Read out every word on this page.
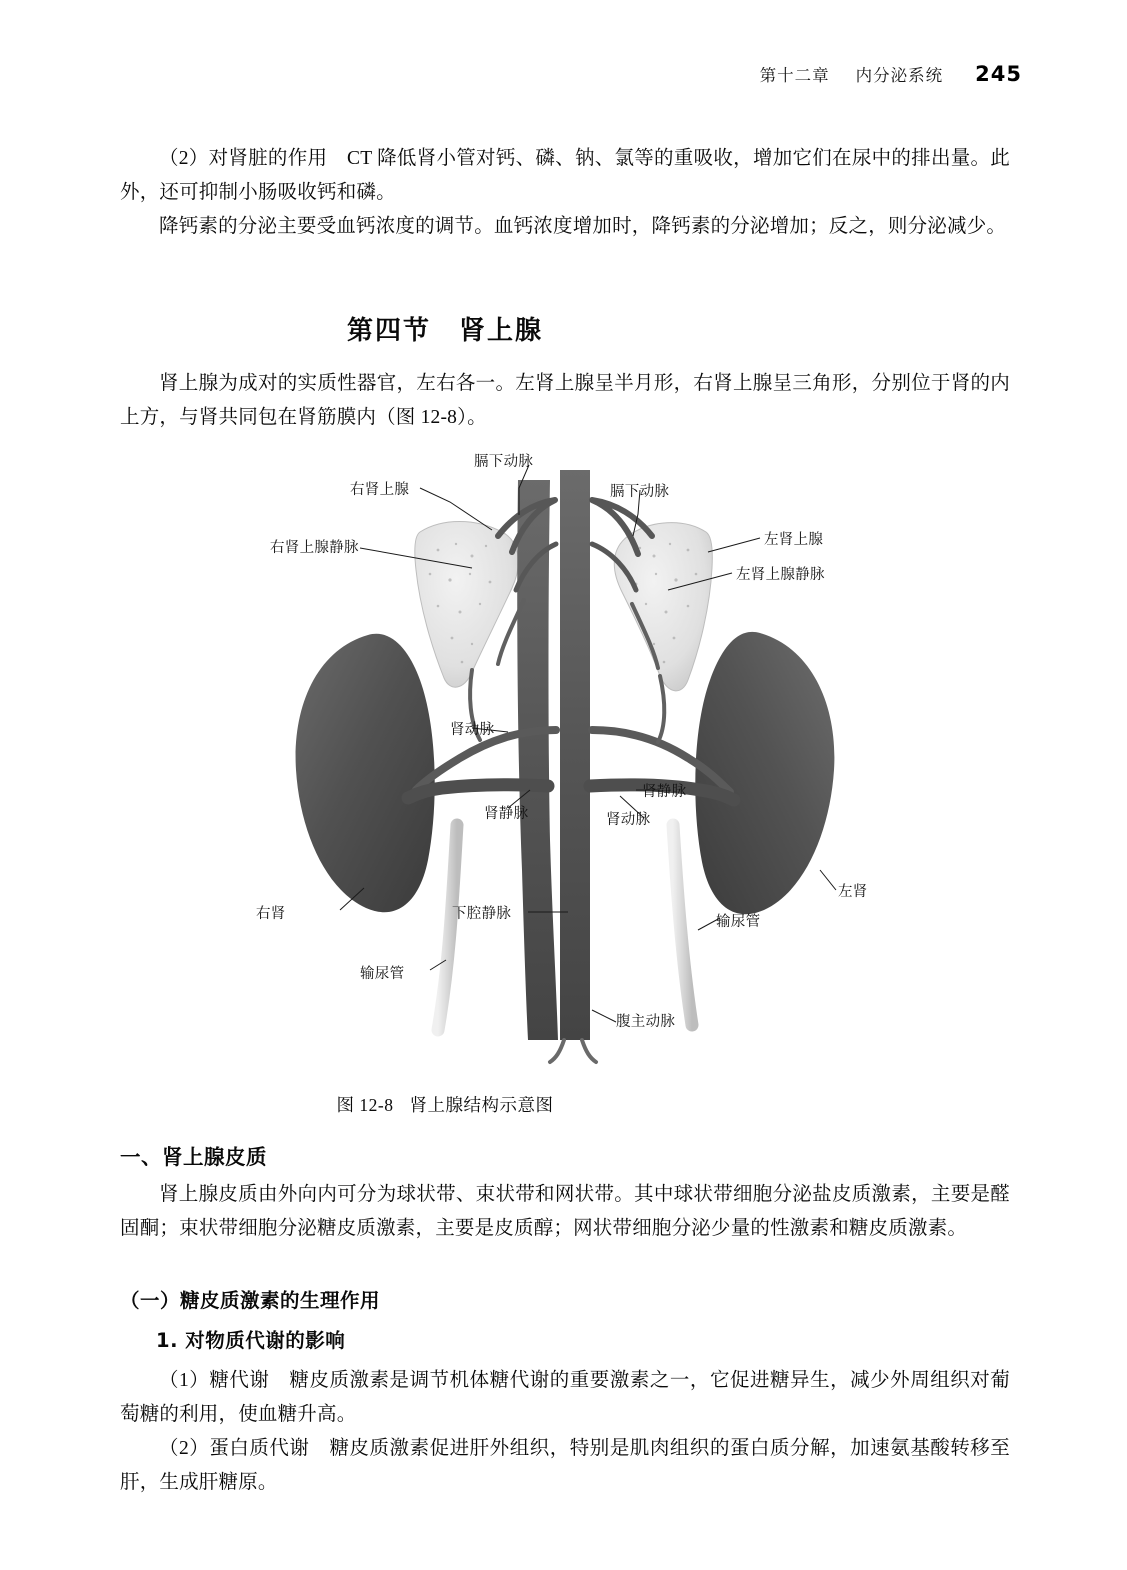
第十二章 内分泌系统 245

（2）对肾脏的作用　CT 降低肾小管对钙、磷、钠、氯等的重吸收，增加它们在尿中的排出量。此外，还可抑制小肠吸收钙和磷。

降钙素的分泌主要受血钙浓度的调节。血钙浓度增加时，降钙素的分泌增加；反之，则分泌减少。

第四节 肾上腺

肾上腺为成对的实质性器官，左右各一。左肾上腺呈半月形，右肾上腺呈三角形，分别位于肾的内上方，与肾共同包在肾筋膜内（图 12-8）。

膈下动脉
右肾上腺	膈下动脉
右肾上腺静脉	左肾上腺
左肾上腺静脉
肾动脉
肾静脉
肾静脉
肾动脉
下腔静脉	输尿管
输尿管
右肾
左肾
腹主动脉
图 12-8 肾上腺结构示意图

一、肾上腺皮质

肾上腺皮质由外向内可分为球状带、束状带和网状带。其中球状带细胞分泌盐皮质激素，主要是醛固酮；束状带细胞分泌糖皮质激素，主要是皮质醇；网状带细胞分泌少量的性激素和糖皮质激素。

（一）糖皮质激素的生理作用

1. 对物质代谢的影响

（1）糖代谢　糖皮质激素是调节机体糖代谢的重要激素之一，它促进糖异生，减少外周组织对葡萄糖的利用，使血糖升高。

（2）蛋白质代谢　糖皮质激素促进肝外组织，特别是肌肉组织的蛋白质分解，加速氨基酸转移至肝，生成肝糖原。
